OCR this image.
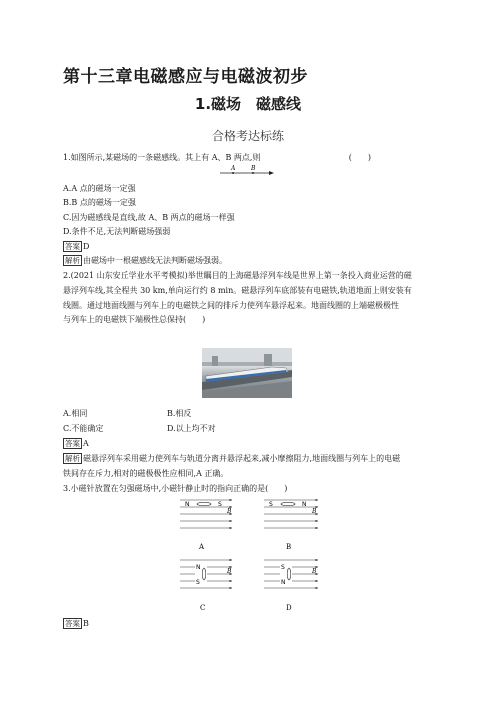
第十三章电磁感应与电磁波初步
1.磁场　磁感线
合格考达标练
1.如图所示,某磁场的一条磁感线。其上有 A、B 两点,则	(　　)
A	B
A.A 点的磁场一定强
B.B 点的磁场一定强
C.因为磁感线是直线,故 A、B 两点的磁场一样强
D.条件不足,无法判断磁场强弱
答案 D
解析 由磁场中一根磁感线无法判断磁场强弱。
2.(2021 山东安丘学业水平考模拟)举世瞩目的上海磁悬浮列车线是世界上第一条投入商业运营的磁
悬浮列车线,其全程共 30 km,单向运行约 8 min。磁悬浮列车底部装有电磁铁,轨道地面上则安装有
线圈。通过地面线圈与列车上的电磁铁之间的排斥力使列车悬浮起来。地面线圈的上端磁极极性
与列车上的电磁铁下端极性总保持(　　)
A.相同	B.相反
C.不能确定	D.以上均不对
答案 A
解析 磁悬浮列车采用磁力使列车与轨道分离并悬浮起来,减小摩擦阻力,地面线圈与列车上的电磁
铁间存在斥力,相对的磁极极性应相同,A 正确。
3.小磁针放置在匀强磁场中,小磁针静止时的指向正确的是(　　)
N	S
B
A
S	N
B
B
N
S
B
C
S
N
B
D
答案 B
